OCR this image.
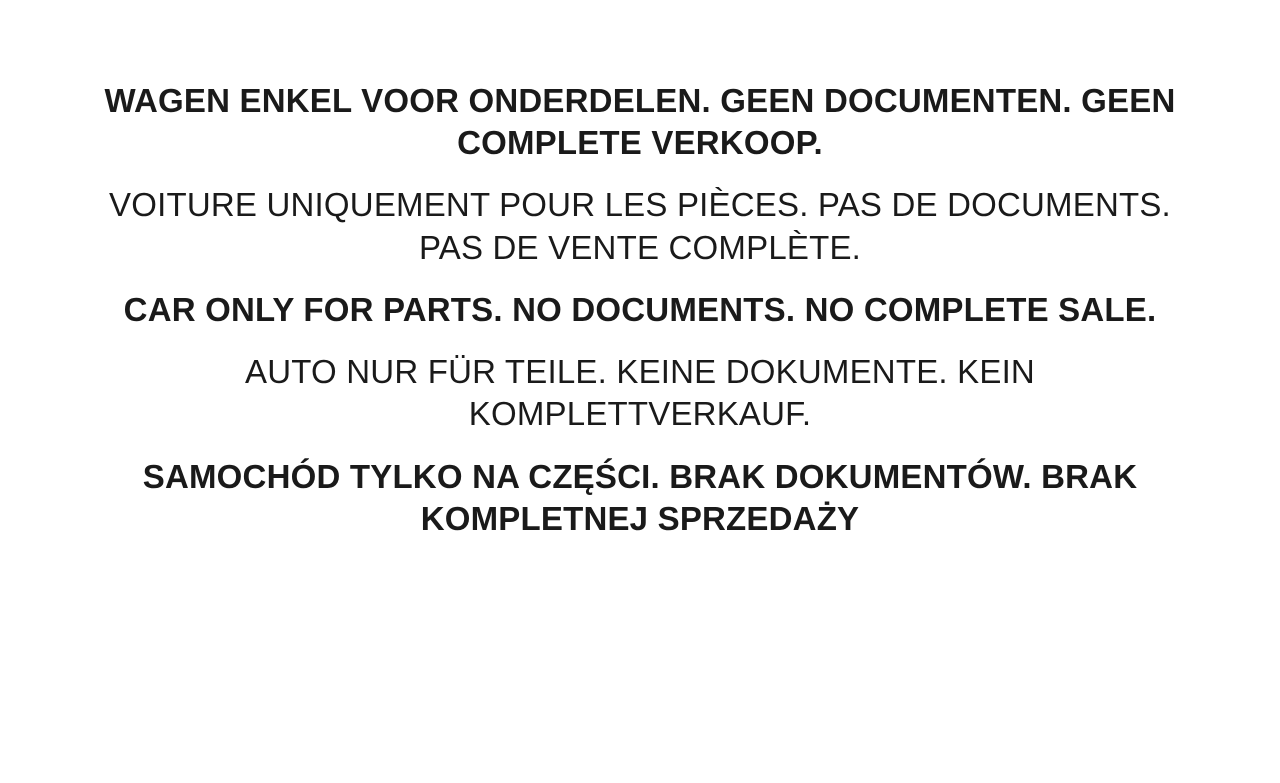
WAGEN ENKEL VOOR ONDERDELEN. GEEN DOCUMENTEN. GEEN COMPLETE VERKOOP.

VOITURE UNIQUEMENT POUR LES PIÈCES. PAS DE DOCUMENTS. PAS DE VENTE COMPLÈTE.

CAR ONLY FOR PARTS. NO DOCUMENTS. NO COMPLETE SALE.

AUTO NUR FÜR TEILE. KEINE DOKUMENTE. KEIN KOMPLETTVERKAUF.

SAMOCHÓD TYLKO NA CZĘŚCI. BRAK DOKUMENTÓW. BRAK KOMPLETNEJ SPRZEDAŻY
